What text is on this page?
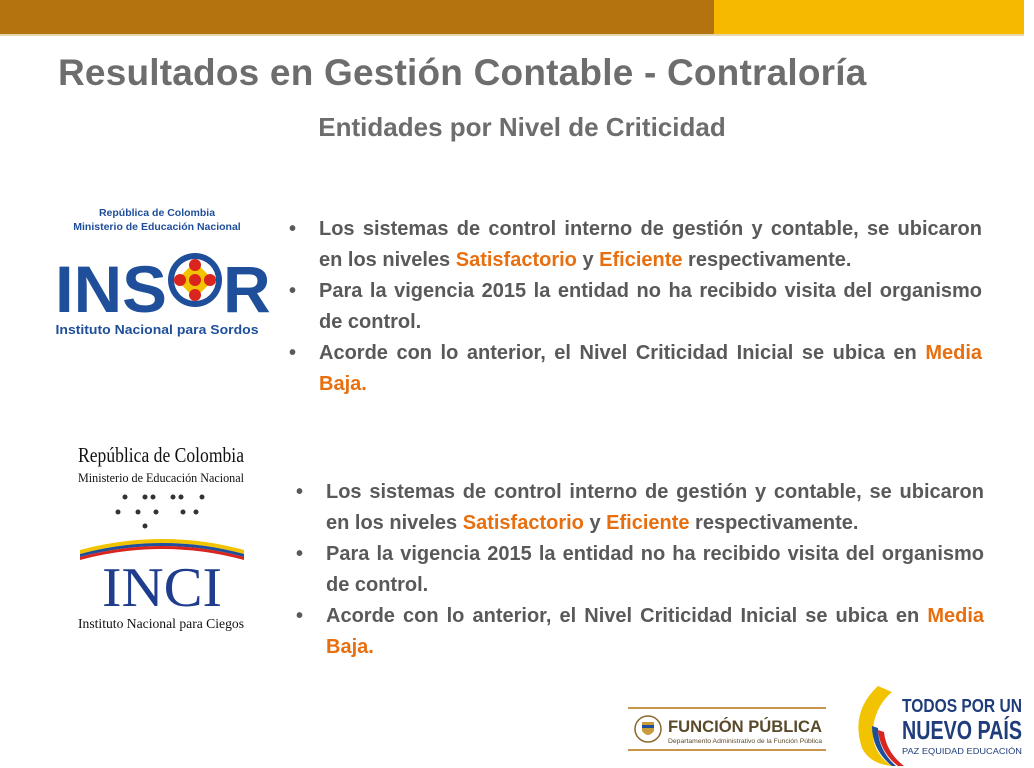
Resultados en Gestión Contable - Contraloría
Entidades por Nivel de Criticidad
República de Colombia
Ministerio de Educación Nacional
INS R
Instituto Nacional para Sordos
• Los sistemas de control interno de gestión y contable, se ubicaron en los niveles Satisfactorio y Eficiente respectivamente.
• Para la vigencia 2015 la entidad no ha recibido visita del organismo de control.
• Acorde con lo anterior, el Nivel Criticidad Inicial se ubica en Media Baja.
República de Colombia
Ministerio de Educación Nacional
INCI
Instituto Nacional para Ciegos
• Los sistemas de control interno de gestión y contable, se ubicaron en los niveles Satisfactorio y Eficiente respectivamente.
• Para la vigencia 2015 la entidad no ha recibido visita del organismo de control.
• Acorde con lo anterior, el Nivel Criticidad Inicial se ubica en Media Baja.
FUNCIÓN PÚBLICA
Departamento Administrativo de la Función Pública
TODOS POR UN
NUEVO PAÍS
PAZ EQUIDAD EDUCACIÓN
